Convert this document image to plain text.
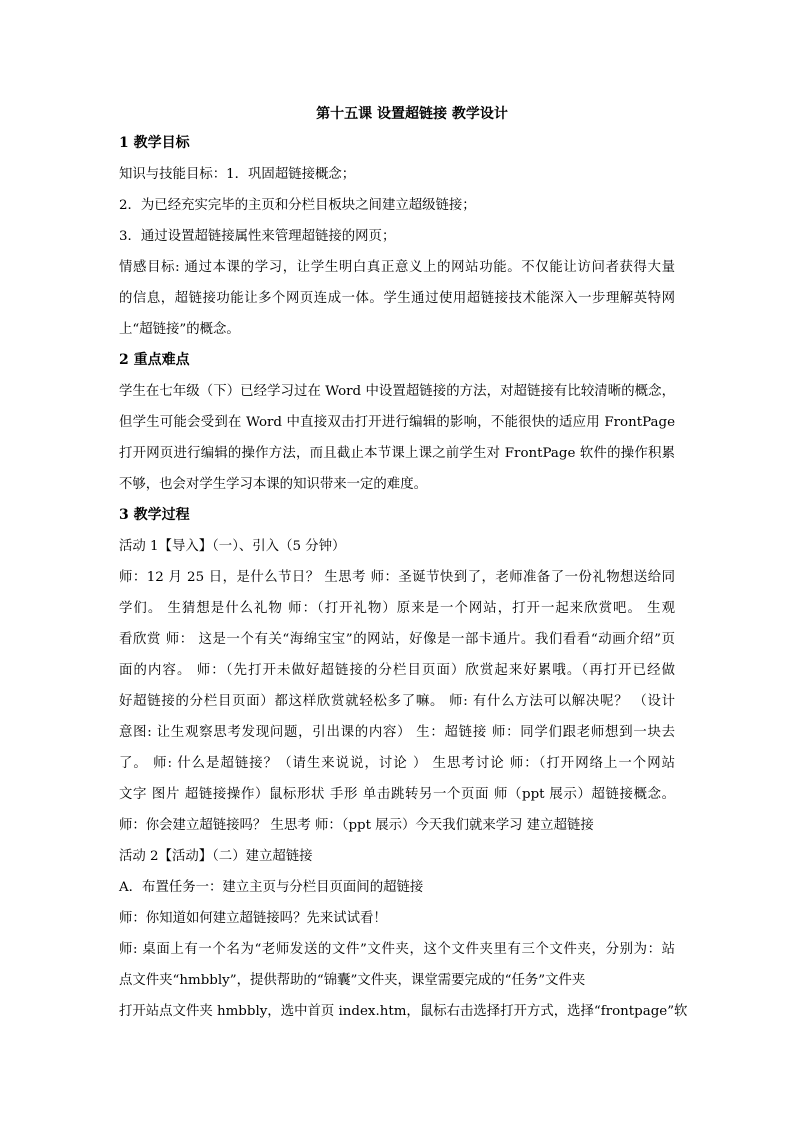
第十五课 设置超链接 教学设计
1 教学目标
知识与技能目标：1．巩固超链接概念；
2．为已经充实完毕的主页和分栏目板块之间建立超级链接；
3．通过设置超链接属性来管理超链接的网页；
情感目标: 通过本课的学习，让学生明白真正意义上的网站功能。不仅能让访问者获得大量
的信息，超链接功能让多个网页连成一体。学生通过使用超链接技术能深入一步理解英特网
上“超链接”的概念。
2 重点难点
学生在七年级（下）已经学习过在 Word 中设置超链接的方法，对超链接有比较清晰的概念，
但学生可能会受到在 Word 中直接双击打开进行编辑的影响，不能很快的适应用 FrontPage
打开网页进行编辑的操作方法，而且截止本节课上课之前学生对 FrontPage 软件的操作积累
不够，也会对学生学习本课的知识带来一定的难度。
3 教学过程
活动 1【导入】（一）、引入（5 分钟）
师：12 月 25 日，是什么节日？ 生思考 师：圣诞节快到了，老师准备了一份礼物想送给同
学们。 生猜想是什么礼物 师：（打开礼物）原来是一个网站，打开一起来欣赏吧。 生观
看欣赏 师： 这是一个有关“海绵宝宝”的网站，好像是一部卡通片。我们看看“动画介绍”页
面的内容。 师：（先打开未做好超链接的分栏目页面）欣赏起来好累哦。（再打开已经做
好超链接的分栏目页面）都这样欣赏就轻松多了嘛。 师: 有什么方法可以解决呢？ （设计
意图: 让生观察思考发现问题，引出课的内容） 生：超链接 师：同学们跟老师想到一块去
了。 师: 什么是超链接？（请生来说说，讨论 ） 生思考讨论 师：（打开网络上一个网站
文字 图片 超链接操作）鼠标形状 手形 单击跳转另一个页面 师（ppt 展示）超链接概念。
师：你会建立超链接吗？ 生思考 师：（ppt 展示）今天我们就来学习 建立超链接
活动 2【活动】（二）建立超链接
A．布置任务一：建立主页与分栏目页面间的超链接
师：你知道如何建立超链接吗？先来试试看！
师: 桌面上有一个名为“老师发送的文件”文件夹，这个文件夹里有三个文件夹，分别为：站
点文件夹“hmbbly”，提供帮助的“锦囊”文件夹，课堂需要完成的“任务”文件夹
打开站点文件夹 hmbbly，选中首页 index.htm，鼠标右击选择打开方式，选择“frontpage”软
